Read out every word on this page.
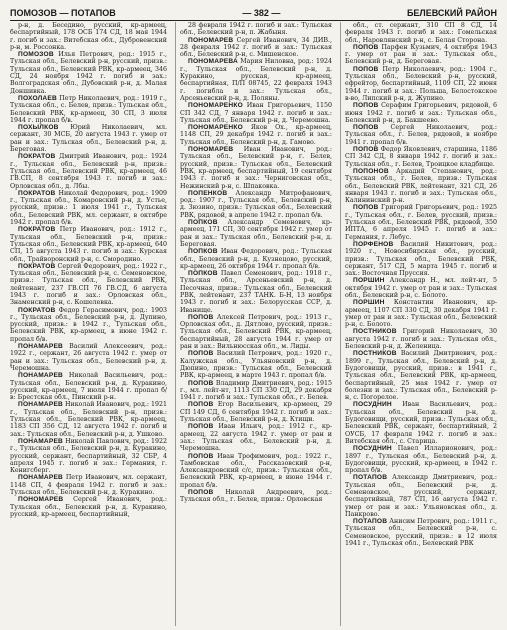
ПОМОЗОВ — ПОТАПОВ	— 382 —	БЕЛЕВСКИЙ РАЙОН

р-н, д. Беседино, русский, кр-армеец, беспартийный, 178 ОСБ 174 СД, 18 мая 1944 г. погиб и зах.: Витебская обл., Дубровенский р-н, м. Россонка.

ПОМОЗОВ Илья Петрович, род.: 1915 г., Тульская обл., Белевский р-н, русский, призв.: Тульская обл., Белевский РВК, кр-армеец, 346 СД, 24 ноября 1942 г. погиб и зах.: Волгоградская обл., Дубовский р-н, д. Малая Доншивка.

ПОХОЛАЕВ Петр Николаевич, род.: 1919 г., Тульская обл., с. Белев, призв.: Тульская обл., Белевский РВК, кр-армеец, 30 СП, 3 июля 1944 г. пропал б/в.

ПОХЫЛКОВ Юрий Николаевич, мл. сержант, 30 МСБ, 20 августа 1943 г. умер от ран и зах.: Тульская обл., Белевский р-н, д. Береговая.

ПОКРАТОВ Дмитрий Иванович, род.: 1924 г., Тульская обл., Белевский р-н, призв.: Тульская обл., Белевский РВК, кр-армеец, 46 ГВ.СП, 8 сентября 1943 г. погиб и зах.: Орловская обл., д. Лбы.

ПОКРАТОВ Николай Федорович, род.: 1909 г., Тульская обл., Комаровский р-н, д. Устье, русский, призв.: 1 июля 1941 г., Тульская обл., Белевский РВК, мл. сержант, в октябре 1942 г. пропал б/в.

ПОКРАТОВ Петр Иванович, род.: 1912 г., Тульская обл., Белевский р-н, призв.: Тульская обл., Белевский РВК, кр-армеец, 640 СП, 15 августа 1943 г. погиб и зах.: Курская обл., Трайворонский р-н, с. Смородино.

ПОКРАТОВ Сергей Федорович, род.: 1922 г., Тульская обл., Белевский р-н, с. Семеновское, призв.: Тульская обл., Белевский РВК, лейтенант, 237 ГВ.СП 76 ГВ.СД, 6 августа 1943 г. погиб и зах.: Орловская обл., Знаменский р-н, с. Кошелевка.

ПОКРАТОВ Федор Герасимович, род.: 1903 г., Тульская обл., Белевский р-н, д. Дупино, русский, призв.: в 1942 г., Тульская обл., Белевский РВК, кр-армеец, в июне 1942 г. пропал б/в.

ПОНАМАРЕВ Василий Алексеевич, род.: 1922 г., сержант, 26 августа 1942 г. умер от ран и зах.: Тульская обл., Белевский р-н, д. Черемошна.

ПОНАМАРЕВ Николай Васильевич, род.: Тульская обл., Белевский р-н, д. Куракино, русский, кр-армеец, 7 июля 1944 г. пропал б/в: Брестская обл., Пинский р-н.

ПОНАМАРЕВ Николай Иванович, род.: 1921 г., Тульская обл., Белевский р-н, призв.: Тульская обл., Белевский РВК, кр-армеец, 1183 СП 356 СД, 12 августа 1942 г. погиб и зах.: Тульская обл., Белевский р-н, д. Ушково.

ПОНАМАРЕВ Николай Павлович, род.: 1922 г., Тульская обл., Белевский р-н, д. Куракино, русский, сержант, беспартийный, 32 СБР, 4 апреля 1945 г. погиб и зах.: Германия, г. Кенигсберг.

ПОНАМАРЕВ Петр Иванович, мл. сержант, 1148 СП, 4 февраля 1942 г. погиб и зах.: Тульская обл., Белевский р-н, д. Куракино.

ПОНОМАРЕВ Сергей Иванович, род.: Тульская обл., Белевский р-н, д. Куракино, русский, кр-армеец, беспартийный,

28 февраля 1942 г. погиб и зах.: Тульская обл., Белевский р-н, п. Жабыня.

ПОНОМАРЕВ Сергей Иванович, 34 ДИВ., 28 февраля 1942 г. погиб и зах.: Тульская обл., Белевский р-н, с. Мишенское.

ПОНОМАРЕВА Мария Ниловна, род.: 1924 г., Тульская обл., Белевский р-н, д. Куракино, русская, кр-армеец, беспартийная, П/П 08745, 22 февраля 1943 г. погибла и зах.: Тульская обл., Арсеньевский р-н, д. Поляны.

ПОНОМАРЕНКО Иван Григорьевич, 1150 СП 342 СД, 7 января 1942 г. погиб и зах.: Тульская обл., Белевский р-н, д. Черемошна.

ПОНОМАРЕНКО Яков Ох., кр-армеец, 1148 СП, 29 декабря 1942 г. погиб и зах.: Тульская обл., Белевский р-н, д. Гамово.

ПОНОМАРЕВ Иван Иванович, род.: Тульская обл., Белевский р-н, г. Белев, русский, призв.: Тульская обл., Белевский РВК, кр-армеец, беспартийный, 19 сентября 1943 г. погиб и зах.: Черниговская обл., Нежинский р-н, с. Шпаковка.

ПОПЕНКОВ Александр Митрофанович, род.: 1907 г., Тульская обл., Белевский р-н, д. Зюзино, призв.: Тульская обл., Белевский РВК, рядовой, в апреле 1942 г. пропал б/в.

ПОПКОВ Александр Семенович, кр-армеец, 171 СП, 30 сентября 1942 г. умер от ран и зах.: Тульская обл., Белевский р-н, д. Береговая.

ПОПКОВ Иван Федорович, род.: Тульская обл., Белевский р-н, д. Кузнецово, русский, кр-армеец, 26 октября 1944 г. пропал б/в.

ПОПКОВ Павел Семенович, род.: 1918 г., Тульская обл., Арсеньевский р-н, д. Песочная, призв.: Тульская обл., Белевский РВК, лейтенант, 237 ТАНК. Б-Н, 13 ноября 1943 г. погиб и зах.: Белорусская ССР, д. Иванище.

ПОПОВ Алексей Петрович, род.: 1913 г., Орловская обл., д. Дятлово, русский, призв.: Тульская обл., Белевский РВК, кр-армеец, беспартийный, 28 августа 1944 г. умер от ран и зах.: Вильнюсская обл., м. Лиды.

ПОПОВ Василий Петрович, род.: 1920 г., Калужская обл., Ульяновский р-н, д. Дюпино, призв.: Тульская обл., Белевский РВК, кр-армеец, в марте 1943 г. пропал б/в.

ПОПОВ Владимир Дмитриевич, род.: 1915 г., мл. лейт-нт, 1113 СП 330 СД, 29 декабря 1941 г. погиб и зах.: Тульская обл., г. Белев.

ПОПОВ Егор Васильевич, кр-армеец, 29 СП 149 СД, 6 сентября 1942 г. погиб и зах.: Тульская обл., Белевский р-н, д. Ктищи.

ПОПОВ Иван Ильич, род.: 1912 г., кр-армеец, 22 августа 1942 г. умер от ран и зах.: Тульская обл., Белевский р-н, д. Черемошна.

ПОПОВ Иван Трофимович, род.: 1922 г., Тамбовская обл., Рассказовский р-н, Александровский с/с, призв.: Тульская обл., Белевский РВК, кр-армеец, в июне 1944 г. пропал б/в.

ПОПОВ Николай Андреевич, род.: Тульская обл., г. Белев, призв.: Орловская

обл., ст. сержант, 310 СП 8 СД, 14 февраля 1943 г. погиб и зах.: Гомельская обл., Наровлянский р-н, с. Белая Сторона.

ПОПОВ Парфен Кузьмич, 4 октября 1943 г. умер от ран и зах.: Тульская обл., Белевский р-н, д. Береговая.

ПОПОВ Петр Николаевич, род.: 1904 г., Тульская обл., Белевский р-н, русский, ефрейтор, беспартийный, 1109 СП, 22 июня 1944 г. погиб и зах.: Польша, Белостокское в-во, Липский р-н, д. Жупино.

ПОПОВ Серафим Григорьевич, рядовой, 6 июня 1942 г. погиб и зах.: Тульская обл., Белевский р-н, д. Бакшеево.

ПОПОВ Сергей Николаевич, род.: Тульская обл., г. Белев, рядовой, в ноябре 1941 г. пропал б/в.

ПОПОВ Федор Яковлевич, старшина, 1186 СП 342 СД, 8 января 1942 г. погиб и зах.: Тульская обл., г. Белев, Троицкое кладбище.

ПОПОНОВ Аркадий Степанович, род.: Тульская обл., г. Белев, призв.: Тульская обл., Белевский РВК, лейтенант, 321 СД, 26 января 1943 г. погиб и зах.: Тульская обл., Калининский р-н.

ПОПОВ Григорий Григорьевич, род.: 1925 г., Тульская обл., г. Белев, русский, призв.: Тульская обл., Белевский РВК, рядовой, 350 ИПТА, 6 апреля 1945 г. погиб и зах.: Германия, г. Лебус.

ПОРФЕНОВ Василий Никитович, род.: 1920 г., Новосибирская обл., русский, призв.: Тульская обл., Белевский РВК, сержант, 517 СД, 5 марта 1945 г. погиб и зах.: Восточная Пруссия.

ПОРШИН Александр Н., мл. лейт-нт, 5 октября 1942 г. умер от ран и зах.: Тульская обл., Белевский р-н, с. Болото.

ПОРШИН Константин Иванович, кр-армеец, 1107 СП 330 СД, 30 декабря 1941 г. умер от ран и зах.: Тульская обл., Белевский р-н, с. Болото.

ПОСТНИКОВ Григорий Николаевич, 30 августа 1942 г. погиб и зах.: Тульская обл., Белевский р-н, д. Желеница.

ПОСТНИКОВ Василий Дмитриевич, род.: 1899 г., Тульская обл., Белевский р-н, д. Будоговищи, русский, призв.: в 1941 г., Тульская обл., Белевский РВК, кр-армеец, беспартийный, 25 мая 1942 г. умер от болезни и зах.: Тульская обл., Белевский р-н, с. Погорелое.

ПОСУДНИН Иван Васильевич, род.: Тульская обл., Белевский р-н, д. Будоговищи, русский, призв.: Тульская обл., Белевский РВК, сержант, беспартийный, 2 ОУСБ, 17 февраля 1942 г. погиб и зах.: Витебская обл., с. Старица.

ПОСУДНИН Павел Илларионович, род.: 1897 г., Тульская обл., Белевский р-н, д. Будоговищи, русский, кр-армеец, в 1942 г. пропал б/в.

ПОТАПОВ Александр Дмитриевич, род.: Тульская обл., Белевский р-н, д. Семеновское, русский, сержант, беспартийный, 787 СП, 16 августа 1942 г. умер от ран и зах.: Ульяновская обл., д. Панкрово.

ПОТАПОВ Анисим Петрович, род.: 1911 г., Тульская обл., Белевский р-н, с. Семеновское, русский, призв.: в 12 июля 1941 г., Тульская обл., Белевский РВК
